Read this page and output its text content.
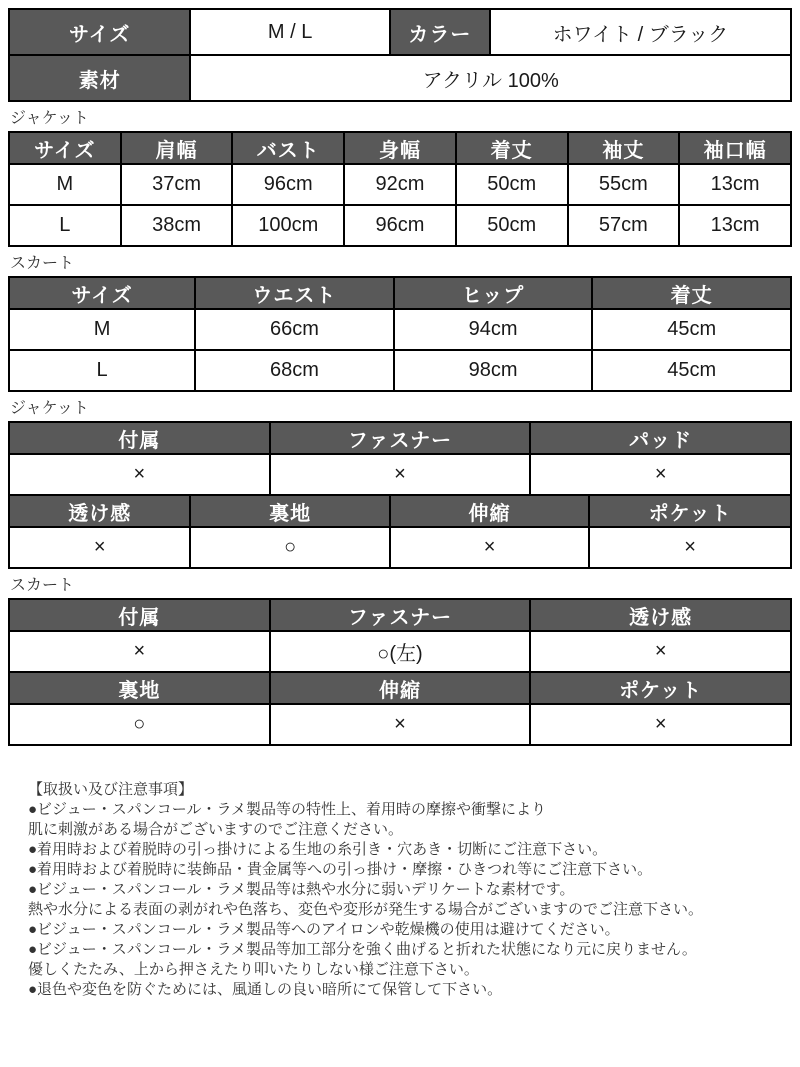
サイズ	M / L	カラー	ホワイト / ブラック
素材	アクリル 100%		
ジャケット
サイズ	肩幅	バスト	身幅	着丈	袖丈	袖口幅
M	37cm	96cm	92cm	50cm	55cm	13cm
L	38cm	100cm	96cm	50cm	57cm	13cm
スカート
サイズ	ウエスト	ヒップ	着丈
M	66cm	94cm	45cm
L	68cm	98cm	45cm
ジャケット
付属	ファスナー	パッド
×	×	×
透け感	裏地	伸縮	ポケット
×	○	×	×
スカート
付属	ファスナー	透け感
×	○(左)	×
裏地	伸縮	ポケット
○	×	×
【取扱い及び注意事項】
●ビジュー・スパンコール・ラメ製品等の特性上、着用時の摩擦や衝撃により
肌に刺激がある場合がございますのでご注意ください。
●着用時および着脱時の引っ掛けによる生地の糸引き・穴あき・切断にご注意下さい。
●着用時および着脱時に装飾品・貴金属等への引っ掛け・摩擦・ひきつれ等にご注意下さい。
●ビジュー・スパンコール・ラメ製品等は熱や水分に弱いデリケートな素材です。
熱や水分による表面の剥がれや色落ち、変色や変形が発生する場合がございますのでご注意下さい。
●ビジュー・スパンコール・ラメ製品等へのアイロンや乾燥機の使用は避けてください。
●ビジュー・スパンコール・ラメ製品等加工部分を強く曲げると折れた状態になり元に戻りません。
優しくたたみ、上から押さえたり叩いたりしない様ご注意下さい。
●退色や変色を防ぐためには、風通しの良い暗所にて保管して下さい。
